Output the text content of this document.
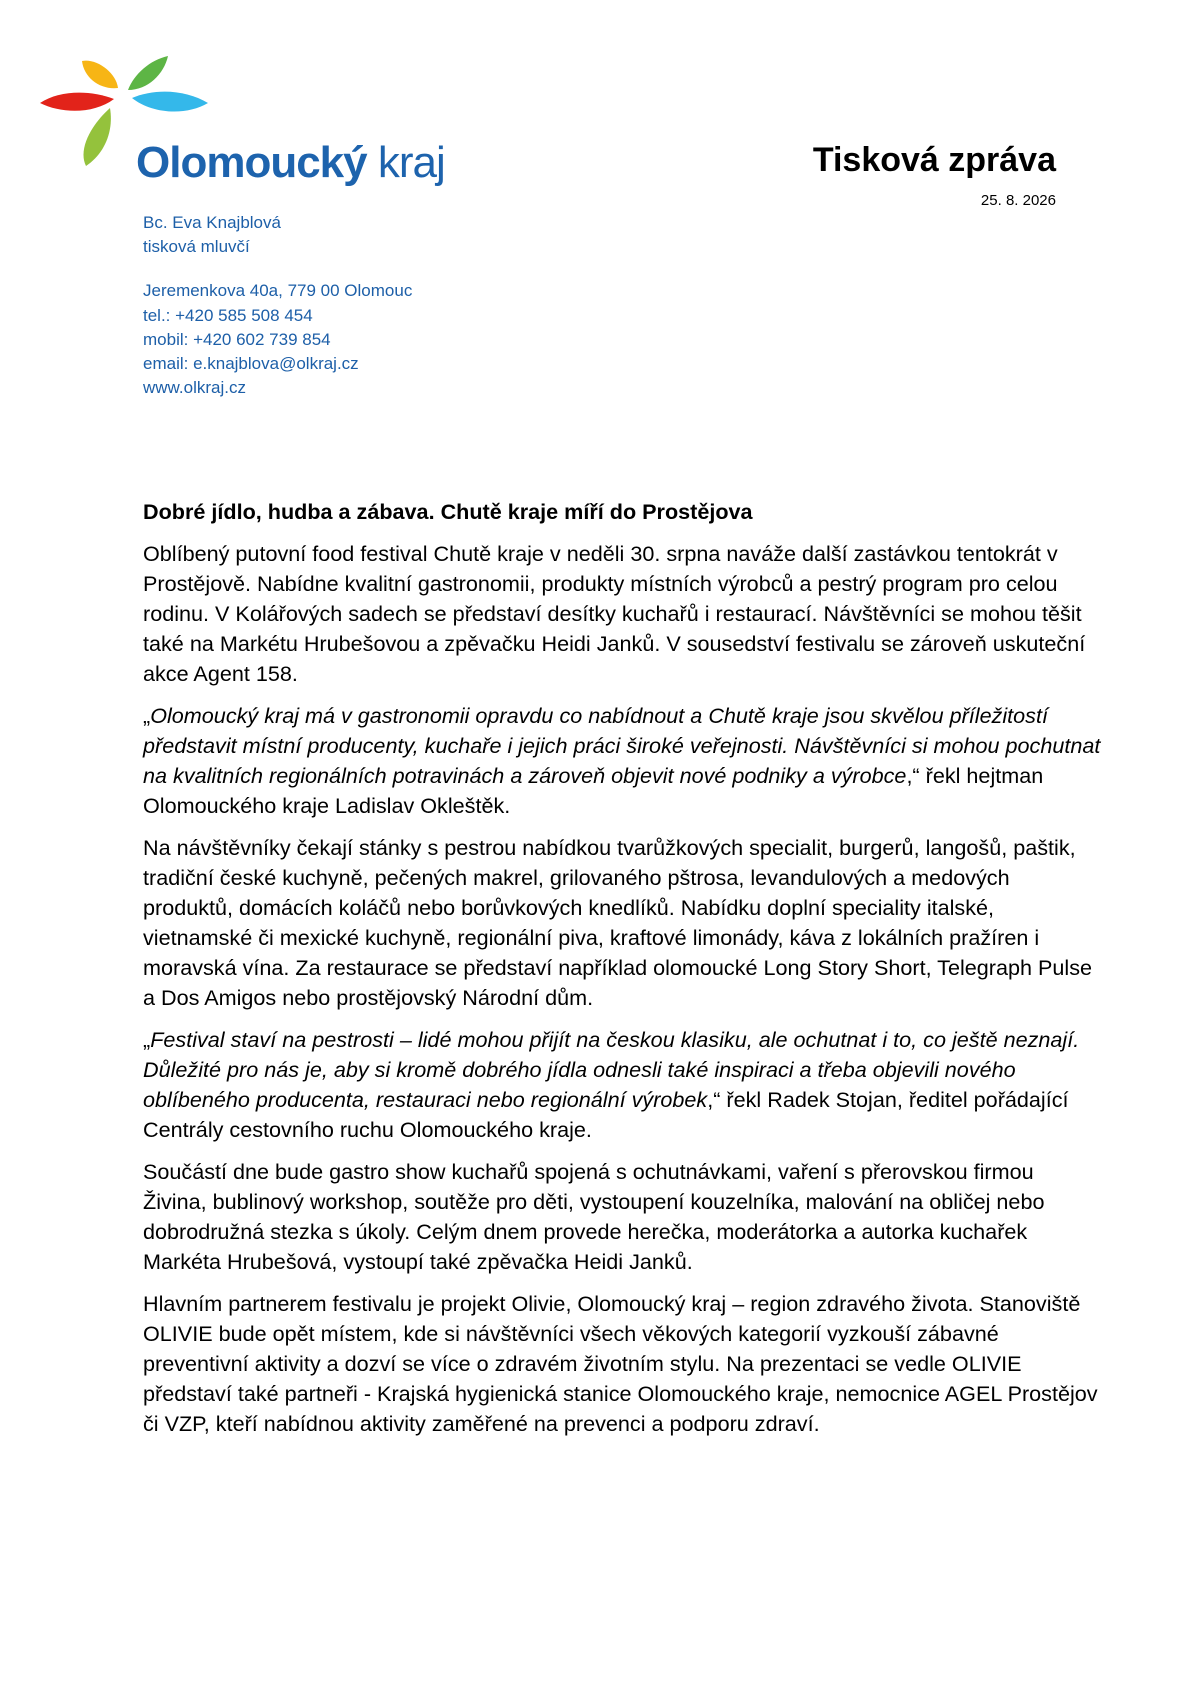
Olomoucký kraj	Tisková zpráva
25. 8. 2026
Bc. Eva Knajblová
tisková mluvčí
Jeremenkova 40a, 779 00 Olomouc
tel.: +420 585 508 454
mobil: +420 602 739 854
email: e.knajblova@olkraj.cz
www.olkraj.cz
Dobré jídlo, hudba a zábava. Chutě kraje míří do Prostějova
Oblíbený putovní food festival Chutě kraje v neděli 30. srpna naváže další zastávkou tentokrát v Prostějově. Nabídne kvalitní gastronomii, produkty místních výrobců a pestrý program pro celou rodinu. V Kolářových sadech se představí desítky kuchařů i restaurací. Návštěvníci se mohou těšit také na Markétu Hrubešovou a zpěvačku Heidi Janků. V sousedství festivalu se zároveň uskuteční akce Agent 158.
„Olomoucký kraj má v gastronomii opravdu co nabídnout a Chutě kraje jsou skvělou příležitostí představit místní producenty, kuchaře i jejich práci široké veřejnosti. Návštěvníci si mohou pochutnat na kvalitních regionálních potravinách a zároveň objevit nové podniky a výrobce,“ řekl hejtman Olomouckého kraje Ladislav Okleštěk.
Na návštěvníky čekají stánky s pestrou nabídkou tvarůžkových specialit, burgerů, langošů, paštik, tradiční české kuchyně, pečených makrel, grilovaného pštrosa, levandulových a medových produktů, domácích koláčů nebo borůvkových knedlíků. Nabídku doplní speciality italské, vietnamské či mexické kuchyně, regionální piva, kraftové limonády, káva z lokálních pražíren i moravská vína. Za restaurace se představí například olomoucké Long Story Short, Telegraph Pulse a Dos Amigos nebo prostějovský Národní dům.
„Festival staví na pestrosti – lidé mohou přijít na českou klasiku, ale ochutnat i to, co ještě neznají. Důležité pro nás je, aby si kromě dobrého jídla odnesli také inspiraci a třeba objevili nového oblíbeného producenta, restauraci nebo regionální výrobek,“ řekl Radek Stojan, ředitel pořádající Centrály cestovního ruchu Olomouckého kraje.
Součástí dne bude gastro show kuchařů spojená s ochutnávkami, vaření s přerovskou firmou Živina, bublinový workshop, soutěže pro děti, vystoupení kouzelníka, malování na obličej nebo dobrodružná stezka s úkoly. Celým dnem provede herečka, moderátorka a autorka kuchařek Markéta Hrubešová, vystoupí také zpěvačka Heidi Janků.
Hlavním partnerem festivalu je projekt Olivie, Olomoucký kraj – region zdravého života. Stanoviště OLIVIE bude opět místem, kde si návštěvníci všech věkových kategorií vyzkouší zábavné preventivní aktivity a dozví se více o zdravém životním stylu. Na prezentaci se vedle OLIVIE představí také partneři - Krajská hygienická stanice Olomouckého kraje, nemocnice AGEL Prostějov či VZP, kteří nabídnou aktivity zaměřené na prevenci a podporu zdraví.
